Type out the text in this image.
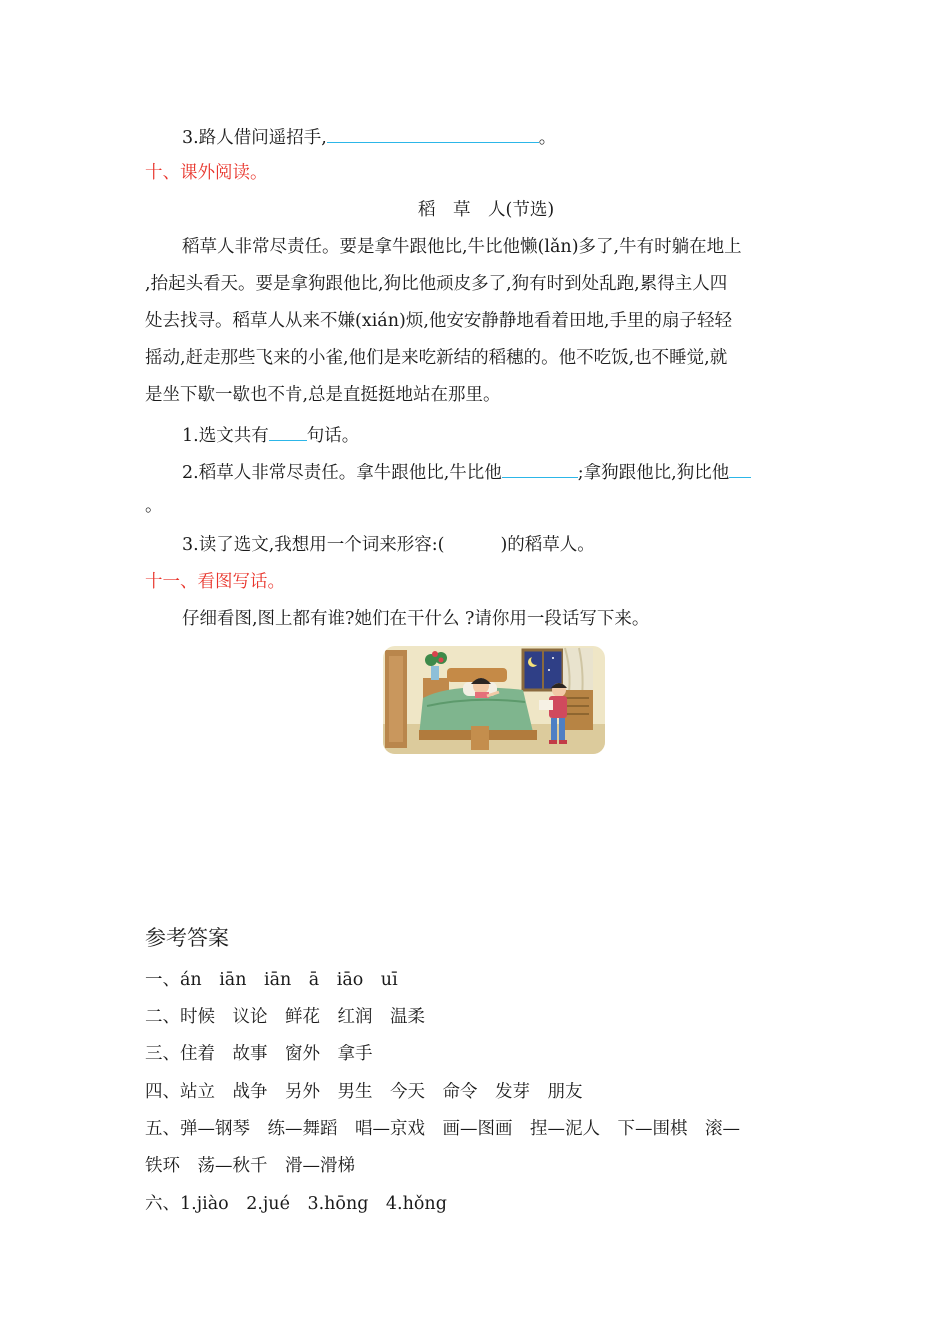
3.路人借问遥招手,	。
十、课外阅读。
稻　草　人(节选)
稻草人非常尽责任。要是拿牛跟他比,牛比他懒(lǎn)多了,牛有时躺在地上
,抬起头看天。要是拿狗跟他比,狗比他顽皮多了,狗有时到处乱跑,累得主人四
处去找寻。稻草人从来不嫌(xián)烦,他安安静静地看着田地,手里的扇子轻轻
摇动,赶走那些飞来的小雀,他们是来吃新结的稻穗的。他不吃饭,也不睡觉,就
是坐下歇一歇也不肯,总是直挺挺地站在那里。
1.选文共有 句话。
2.稻草人非常尽责任。拿牛跟他比,牛比他	;拿狗跟他比,狗比他
。
3.读了选文,我想用一个词来形容:(	)的稻草人。
十一、看图写话。
仔细看图,图上都有谁?她们在干什么 ?请你用一段话写下来。
参考答案
一、án　iān　iān　ā　iāo　uī
二、时候　议论　鲜花　红润　温柔
三、住着　故事　窗外　拿手
四、站立　战争　另外　男生　今天　命令　发芽　朋友
五、弹—钢琴　练—舞蹈　唱—京戏　画—图画　捏—泥人　下—围棋　滚—
铁环　荡—秋千　滑—滑梯
六、1.jiào　2.jué　3.hōng　4.hǒng
